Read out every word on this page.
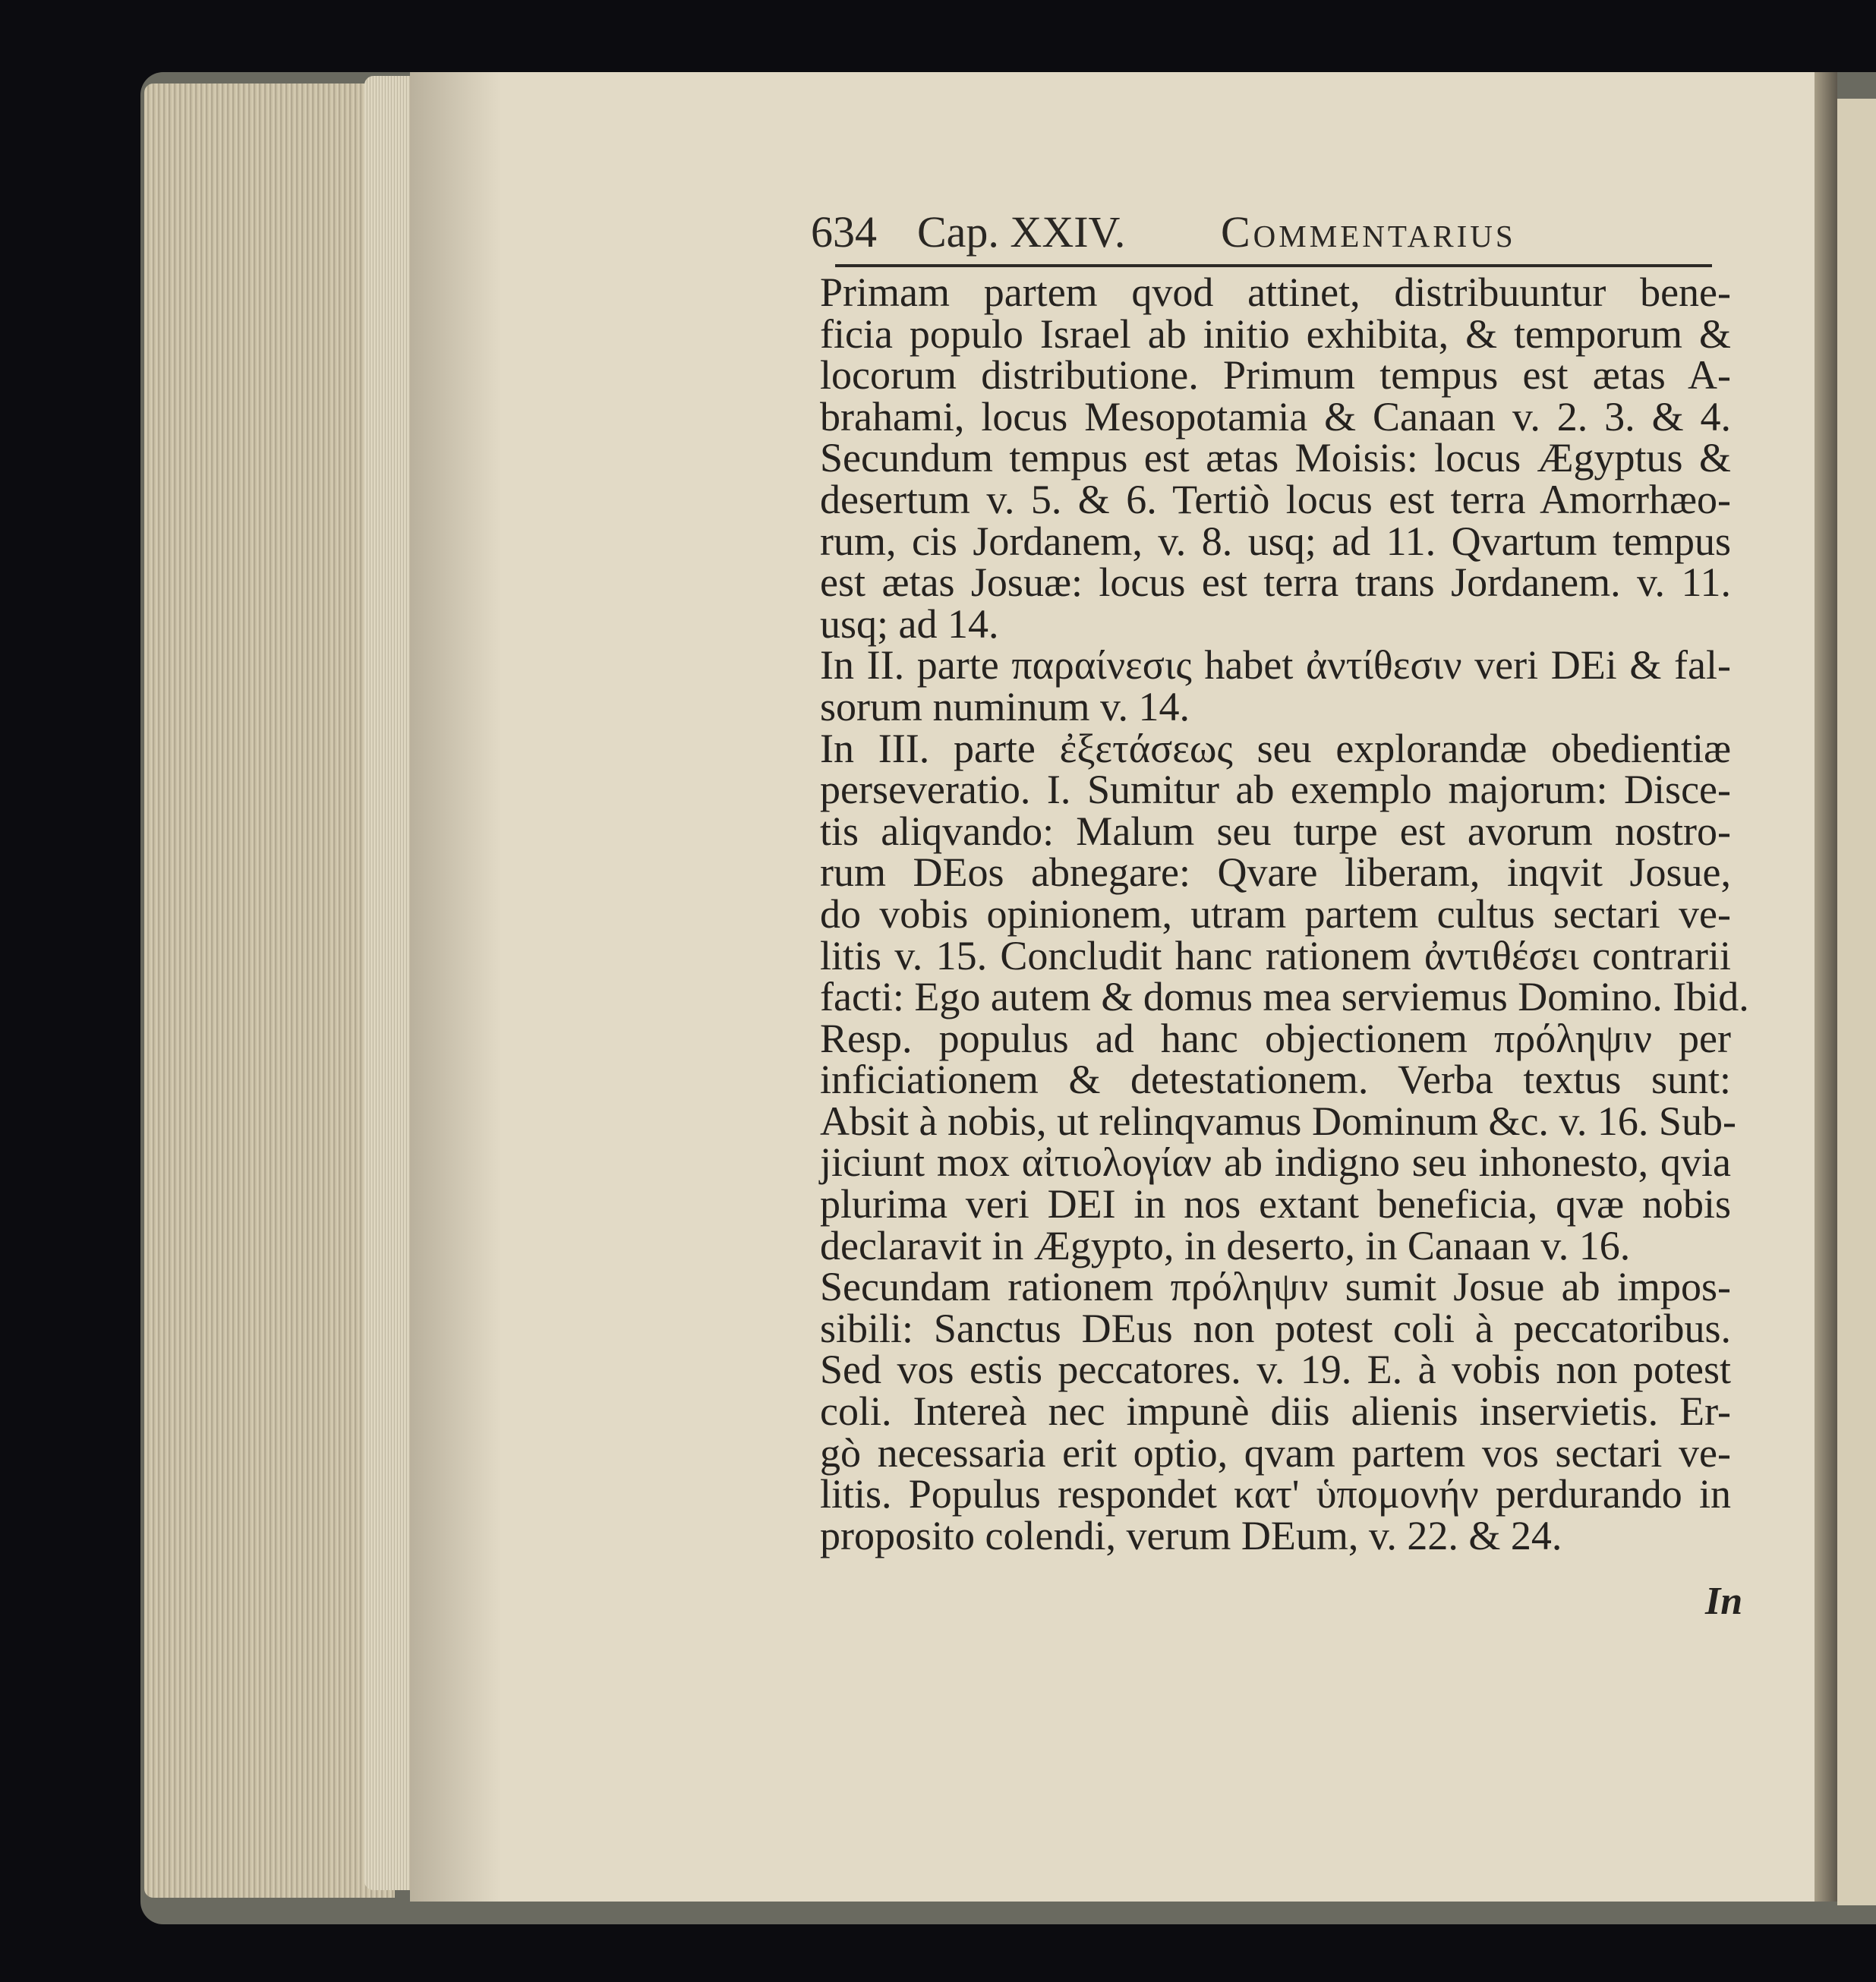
634 Cap. XXIV. Commentarius
Primam partem qvod attinet, distribuuntur bene-
ficia populo Israel ab initio exhibita, & temporum &
locorum distributione. Primum tempus est ætas A-
brahami, locus Mesopotamia & Canaan v. 2. 3. & 4.
Secundum tempus est ætas Moisis: locus Ægyptus &
desertum v. 5. & 6. Tertiò locus est terra Amorrhæo-
rum, cis Jordanem, v. 8. usq; ad 11. Qvartum tempus
est ætas Josuæ: locus est terra trans Jordanem. v. 11.
usq; ad 14.
In II. parte παραίνεσις habet ἀντίθεσιν veri DEi & fal-
sorum numinum v. 14.
In III. parte ἐξετάσεως seu explorandæ obedientiæ
perseveratio. I. Sumitur ab exemplo majorum: Disce-
tis aliqvando: Malum seu turpe est avorum nostro-
rum DEos abnegare: Qvare liberam, inqvit Josue,
do vobis opinionem, utram partem cultus sectari ve-
litis v. 15. Concludit hanc rationem ἀντιθέσει contrarii
facti: Ego autem & domus mea serviemus Domino. Ibid.
Resp. populus ad hanc objectionem πρόληψιν per
inficiationem & detestationem. Verba textus sunt:
Absit à nobis, ut relinqvamus Dominum &c. v. 16. Sub-
jiciunt mox αἰτιολογίαν ab indigno seu inhonesto, qvia
plurima veri DEI in nos extant beneficia, qvæ nobis
declaravit in Ægypto, in deserto, in Canaan v. 16.
Secundam rationem πρόληψιν sumit Josue ab impos-
sibili: Sanctus DEus non potest coli à peccatoribus.
Sed vos estis peccatores. v. 19. E. à vobis non potest
coli. Intereà nec impunè diis alienis inservietis. Er-
gò necessaria erit optio, qvam partem vos sectari ve-
litis. Populus respondet κατ' ὑπομονήν perdurando in
proposito colendi, verum DEum, v. 22. & 24.
In
